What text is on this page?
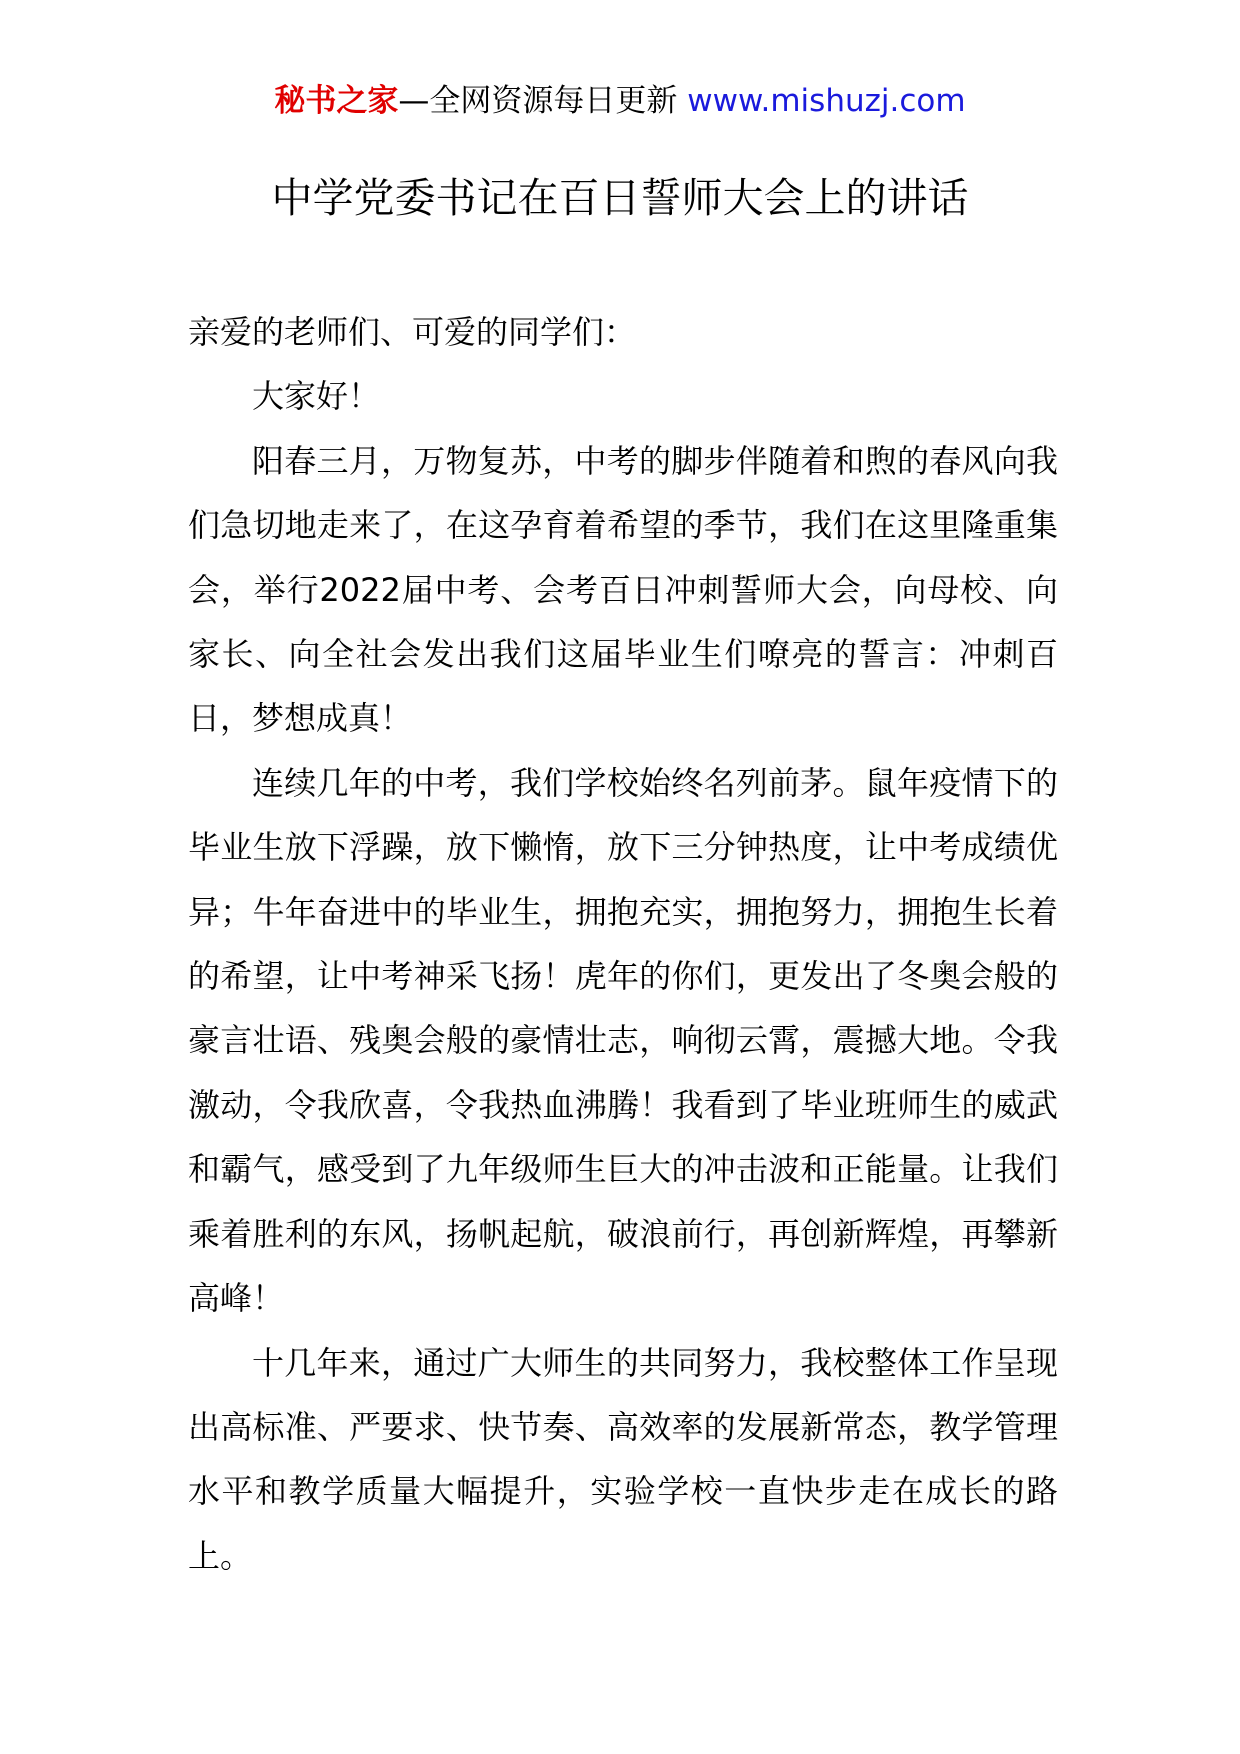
秘书之家—全网资源每日更新 www.mishuzj.com
中学党委书记在百日誓师大会上的讲话

亲爱的老师们、可爱的同学们：

大家好！

阳春三月，万物复苏，中考的脚步伴随着和煦的春风向我们急切地走来了，在这孕育着希望的季节，我们在这里隆重集会，举行2022届中考、会考百日冲刺誓师大会，向母校、向家长、向全社会发出我们这届毕业生们嘹亮的誓言：冲刺百日，梦想成真！

连续几年的中考，我们学校始终名列前茅。鼠年疫情下的毕业生放下浮躁，放下懒惰，放下三分钟热度，让中考成绩优异；牛年奋进中的毕业生，拥抱充实，拥抱努力，拥抱生长着的希望，让中考神采飞扬！虎年的你们，更发出了冬奥会般的豪言壮语、残奥会般的豪情壮志，响彻云霄，震撼大地。令我激动，令我欣喜，令我热血沸腾！我看到了毕业班师生的威武和霸气，感受到了九年级师生巨大的冲击波和正能量。让我们乘着胜利的东风，扬帆起航，破浪前行，再创新辉煌，再攀新高峰！

十几年来，通过广大师生的共同努力，我校整体工作呈现出高标准、严要求、快节奏、高效率的发展新常态，教学管理水平和教学质量大幅提升，实验学校一直快步走在成长的路上。
